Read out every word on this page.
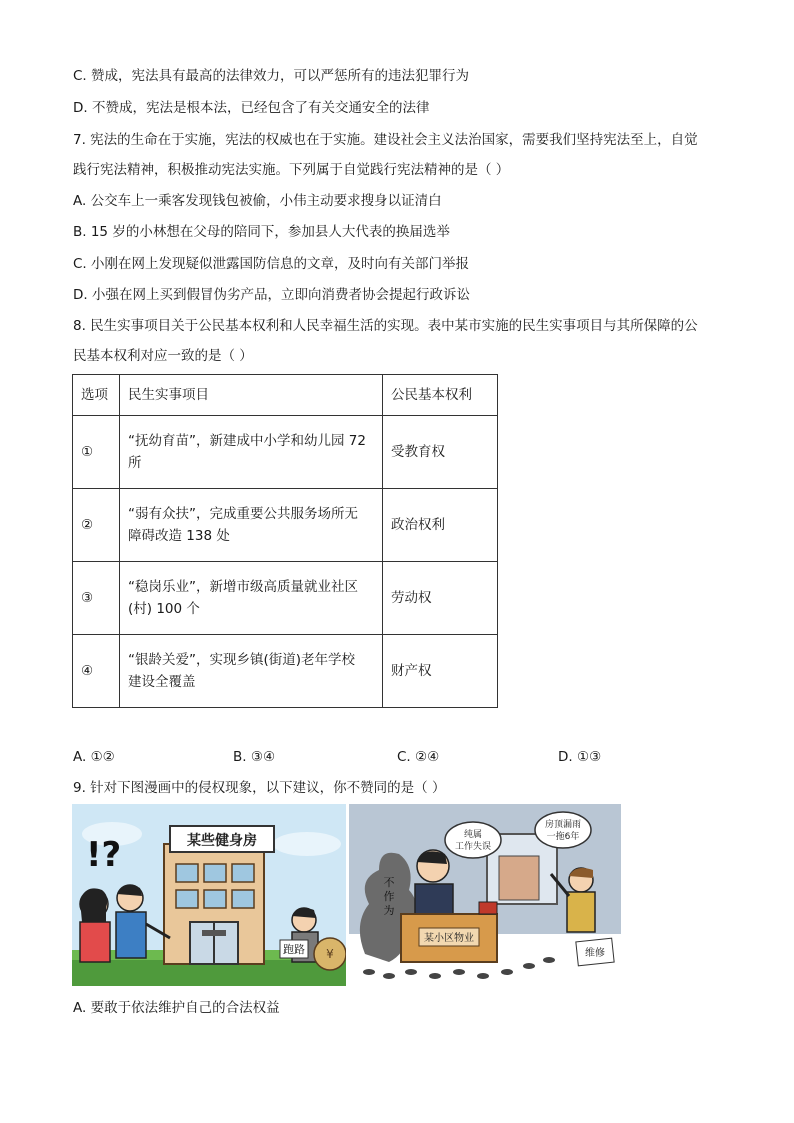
C. 赞成，宪法具有最高的法律效力，可以严惩所有的违法犯罪行为
D. 不赞成，宪法是根本法，已经包含了有关交通安全的法律
7. 宪法的生命在于实施，宪法的权威也在于实施。建设社会主义法治国家，需要我们坚持宪法至上，自觉
践行宪法精神，积极推动宪法实施。下列属于自觉践行宪法精神的是（ ）
A. 公交车上一乘客发现钱包被偷，小伟主动要求搜身以证清白
B. 15 岁的小林想在父母的陪同下，参加县人大代表的换届选举
C. 小刚在网上发现疑似泄露国防信息的文章，及时向有关部门举报
D. 小强在网上买到假冒伪劣产品，立即向消费者协会提起行政诉讼
8. 民生实事项目关于公民基本权利和人民幸福生活的实现。表中某市实施的民生实事项目与其所保障的公
民基本权利对应一致的是（ ）
选项	民生实事项目	公民基本权利
①	“抚幼育苗”，新建成中小学和幼儿园 72
所	受教育权
②	“弱有众扶”，完成重要公共服务场所无
障碍改造 138 处	政治权利
③	“稳岗乐业”，新增市级高质量就业社区
(村) 100 个	劳动权
④	“银龄关爱”，实现乡镇(街道)老年学校
建设全覆盖	财产权
A. ①②	B. ③④	C. ②④	D. ①③
9. 针对下图漫画中的侵权现象，以下建议，你不赞同的是（ ）
某些健身房
!?
¥
跑路
不
作
为
纯属
工作失误
房顶漏雨
一拖6年
某小区物业
维修
A. 要敢于依法维护自己的合法权益
